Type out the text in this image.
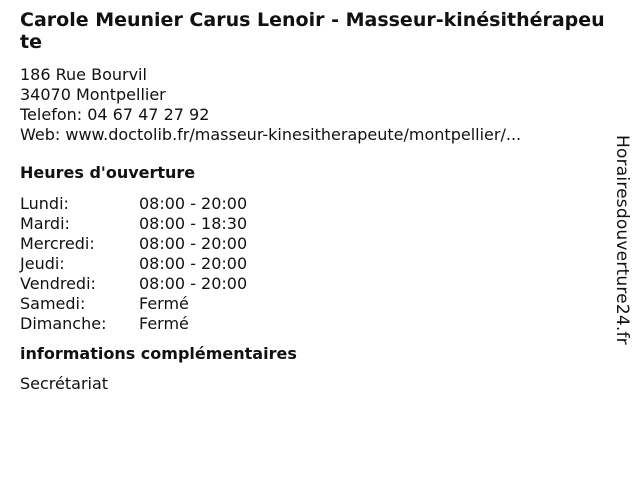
Carole Meunier Carus Lenoir - Masseur-kinésithérapeute
186 Rue Bourvil
34070 Montpellier
Telefon: 04 67 47 27 92
Web: www.doctolib.fr/masseur-kinesitherapeute/montpellier/...
Heures d'ouverture
Lundi:	08:00 - 20:00
Mardi:	08:00 - 18:30
Mercredi:	08:00 - 20:00
Jeudi:	08:00 - 20:00
Vendredi:	08:00 - 20:00
Samedi:	Fermé
Dimanche:	Fermé
informations complémentaires
Secrétariat
Horairesdouverture24.fr
